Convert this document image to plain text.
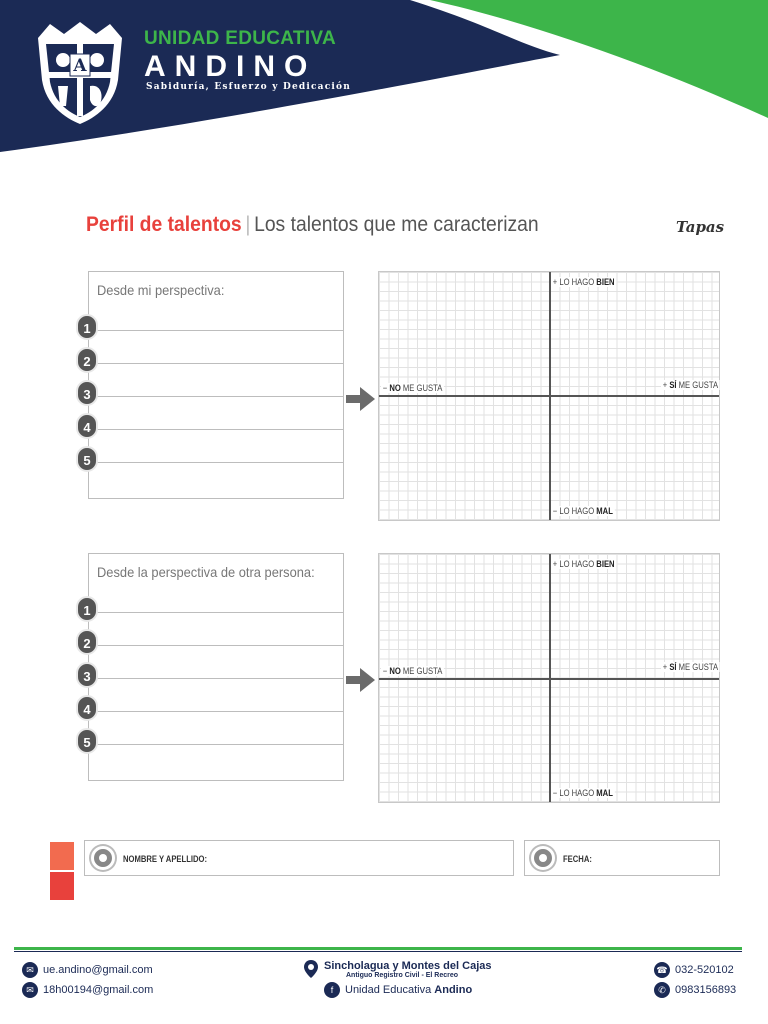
A
UNIDAD EDUCATIVA
ANDINO
Sabiduría, Esfuerzo y Dedicación
Perfil de talentos | Los talentos que me caracterizan	Tapas
Desde mi perspectiva:
1
2
3
4
5
+ LO HAGO BIEN
− NO ME GUSTA	+ SÍ ME GUSTA
− LO HAGO MAL
Desde la perspectiva de otra persona:
1
2
3
4
5
+ LO HAGO BIEN
− NO ME GUSTA	+ SÍ ME GUSTA
− LO HAGO MAL
NOMBRE Y APELLIDO:	FECHA:
✉ ue.andino@gmail.com
✉ 18h00194@gmail.com
Sincholagua y Montes del Cajas
Antiguo Registro Civil - El Recreo
f	Unidad Educativa Andino
☎ 032-520102
✆ 0983156893
